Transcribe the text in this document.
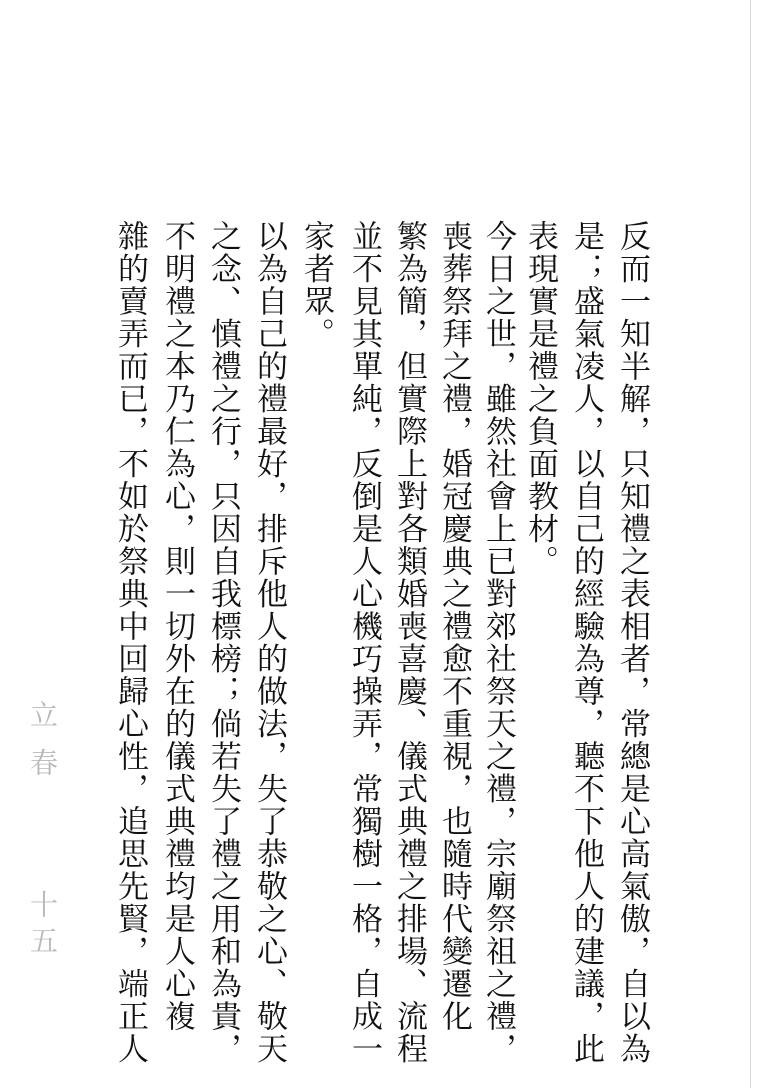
反而一知半解，只知禮之表相者，常總是心高氣傲，自以為
是；盛氣凌人，以自己的經驗為尊，聽不下他人的建議，此
表現實是禮之負面教材。
今日之世，雖然社會上已對郊社祭天之禮，宗廟祭祖之禮，
喪葬祭拜之禮，婚冠慶典之禮愈不重視，也隨時代變遷化
繁為簡，但實際上對各類婚喪喜慶、儀式典禮之排場、流程
並不見其單純，反倒是人心機巧操弄，常獨樹一格，自成一
家者眾。
以為自己的禮最好，排斥他人的做法，失了恭敬之心、敬天
之念、慎禮之行，只因自我標榜；倘若失了禮之用和為貴，
不明禮之本乃仁為心，則一切外在的儀式典禮均是人心複
雜的賣弄而已，不如於祭典中回歸心性，追思先賢，端正人
立春
十五
